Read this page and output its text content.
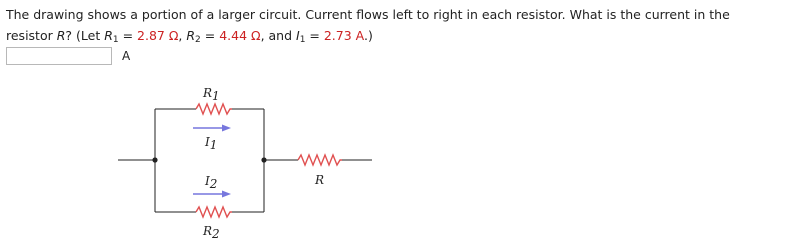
The drawing shows a portion of a larger circuit. Current flows left to right in each resistor. What is the current in the
resistor R? (Let $R_1 = 2.87$ Ω, $R_2 = 4.44$ Ω, and $I_1 = 2.73$ A.)
A
R1
I1
I2
R2
R
